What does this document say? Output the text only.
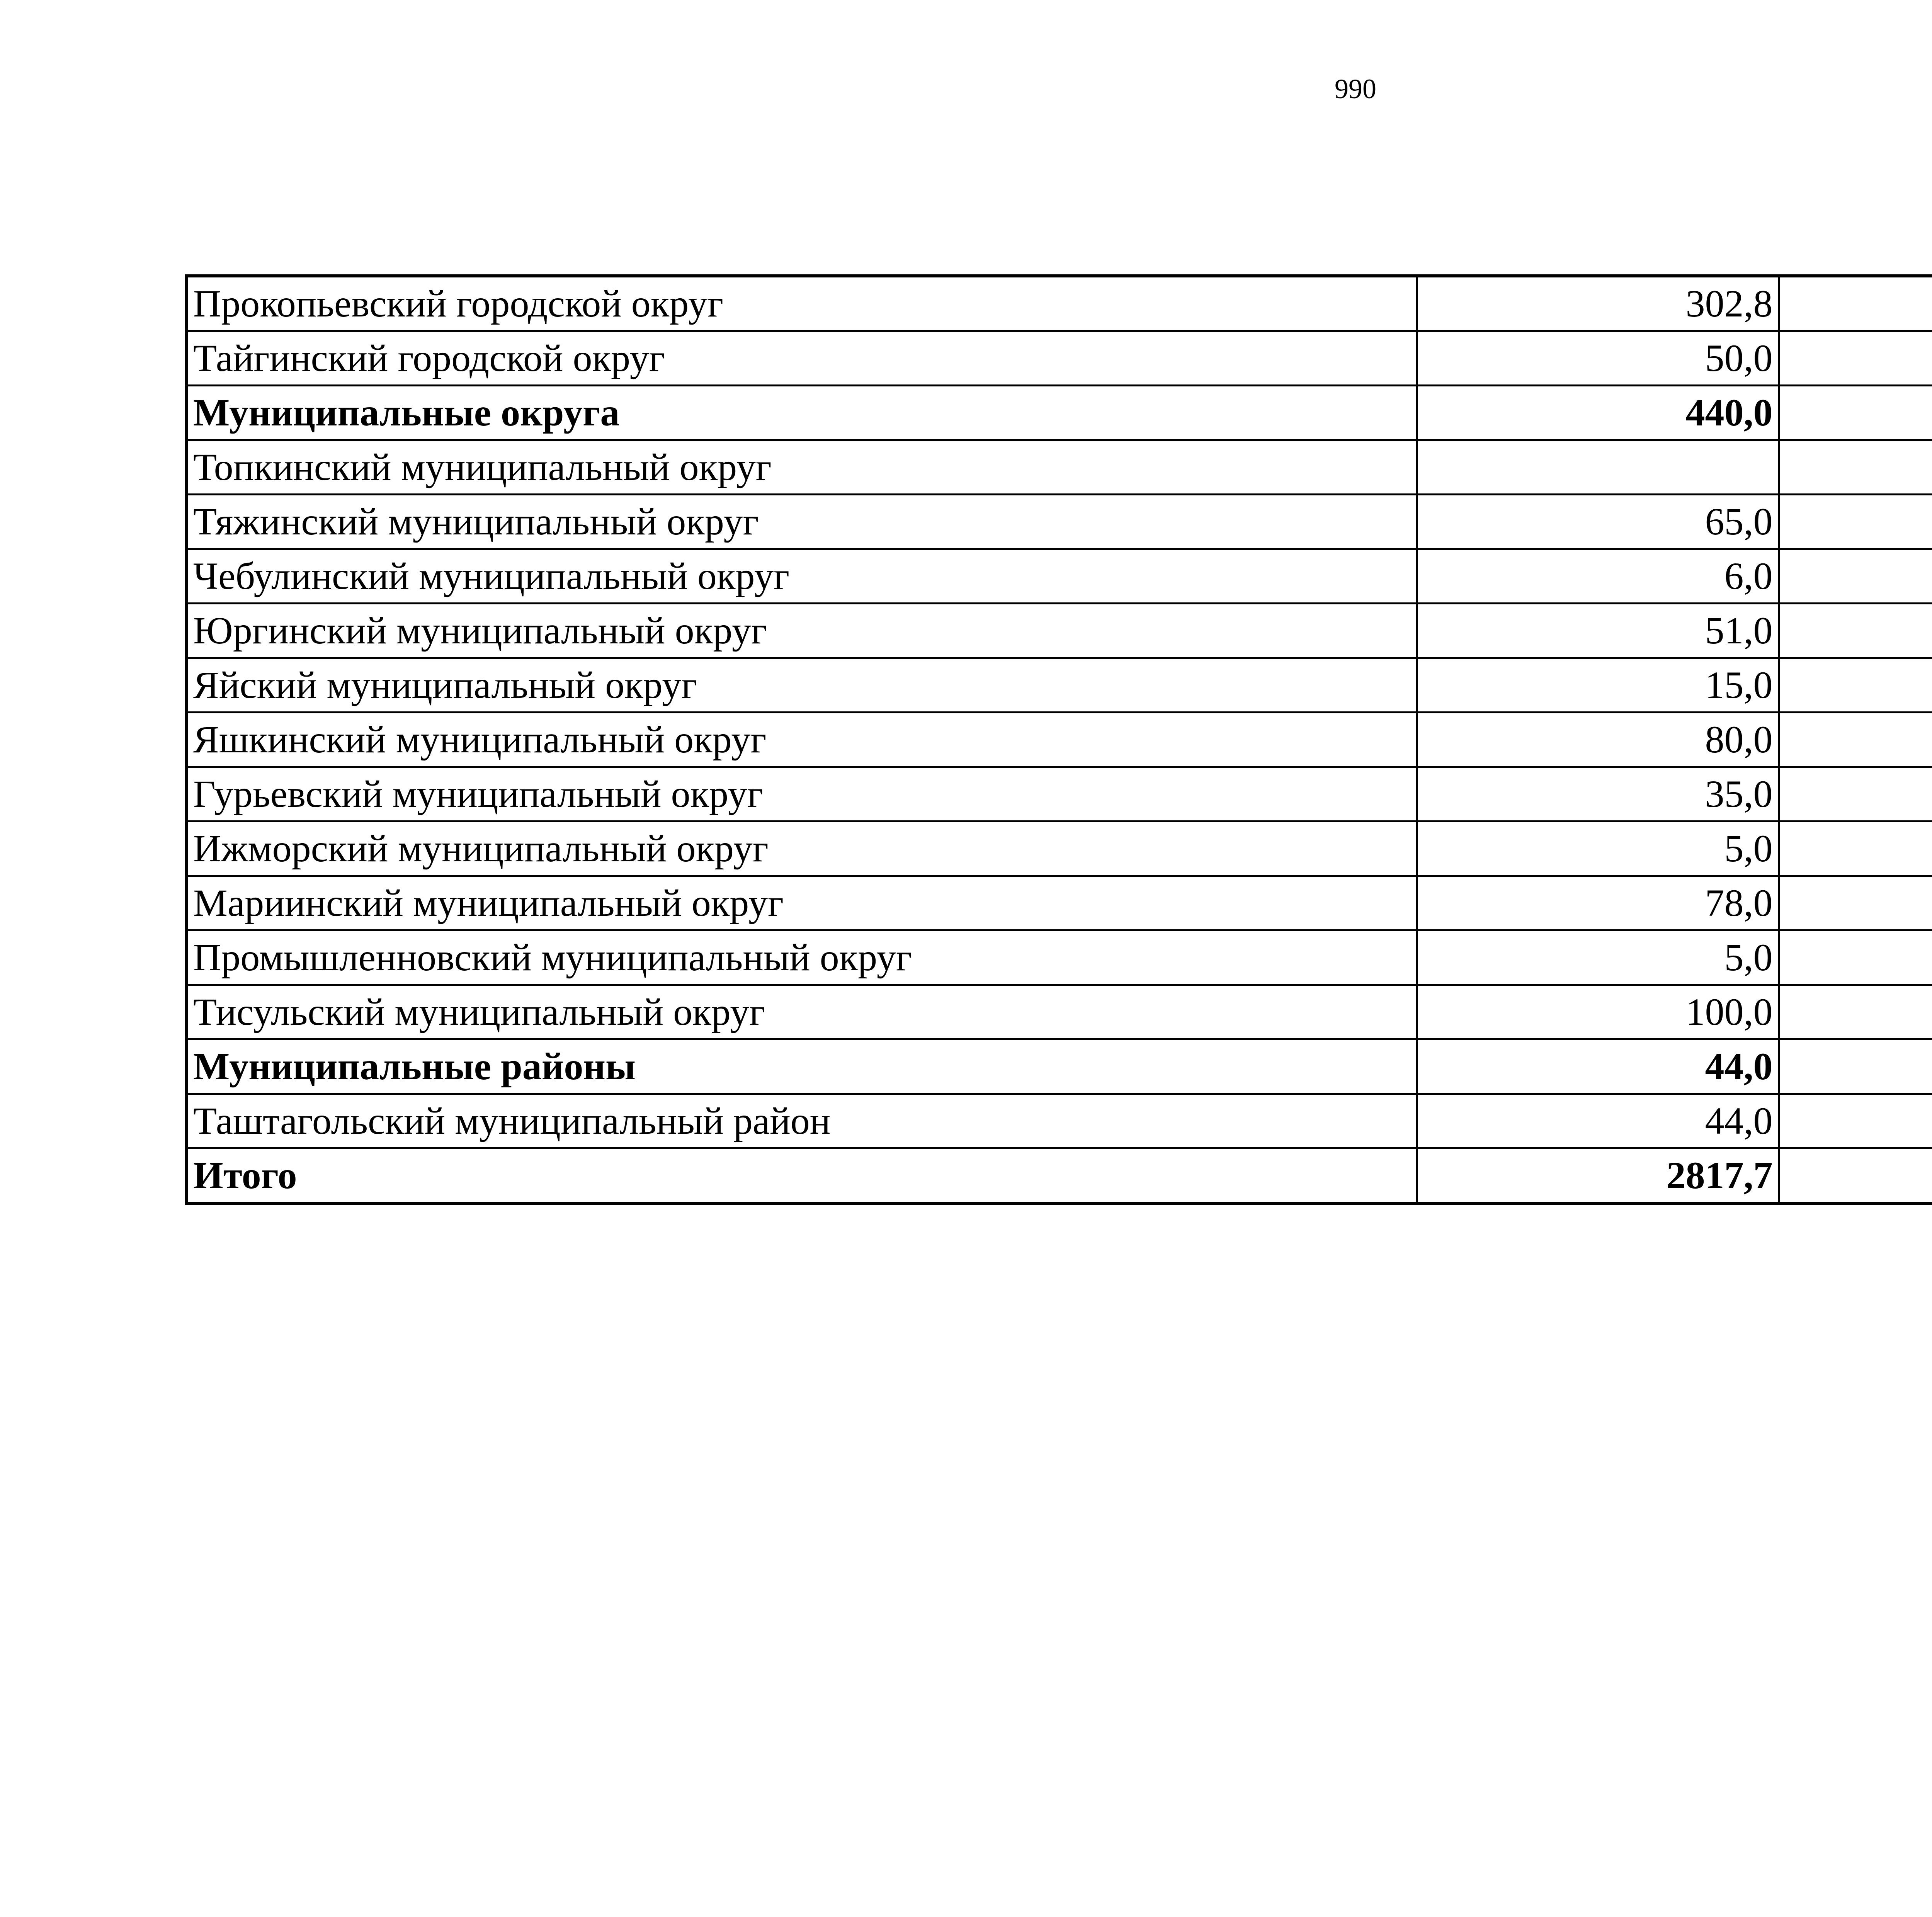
990
Прокопьевский городской округ	302,8		
Тайгинский городской округ	50,0		
Муниципальные округа	440,0		
Топкинский муниципальный округ			
Тяжинский муниципальный округ	65,0		
Чебулинский муниципальный округ	6,0		
Юргинский муниципальный округ	51,0		
Яйский муниципальный округ	15,0		
Яшкинский муниципальный округ	80,0		
Гурьевский муниципальный округ	35,0		
Ижморский муниципальный округ	5,0		
Мариинский муниципальный округ	78,0		
Промышленновский муниципальный округ	5,0		
Тисульский муниципальный округ	100,0		
Муниципальные районы	44,0		
Таштагольский муниципальный район	44,0		
Итого	2817,7		
